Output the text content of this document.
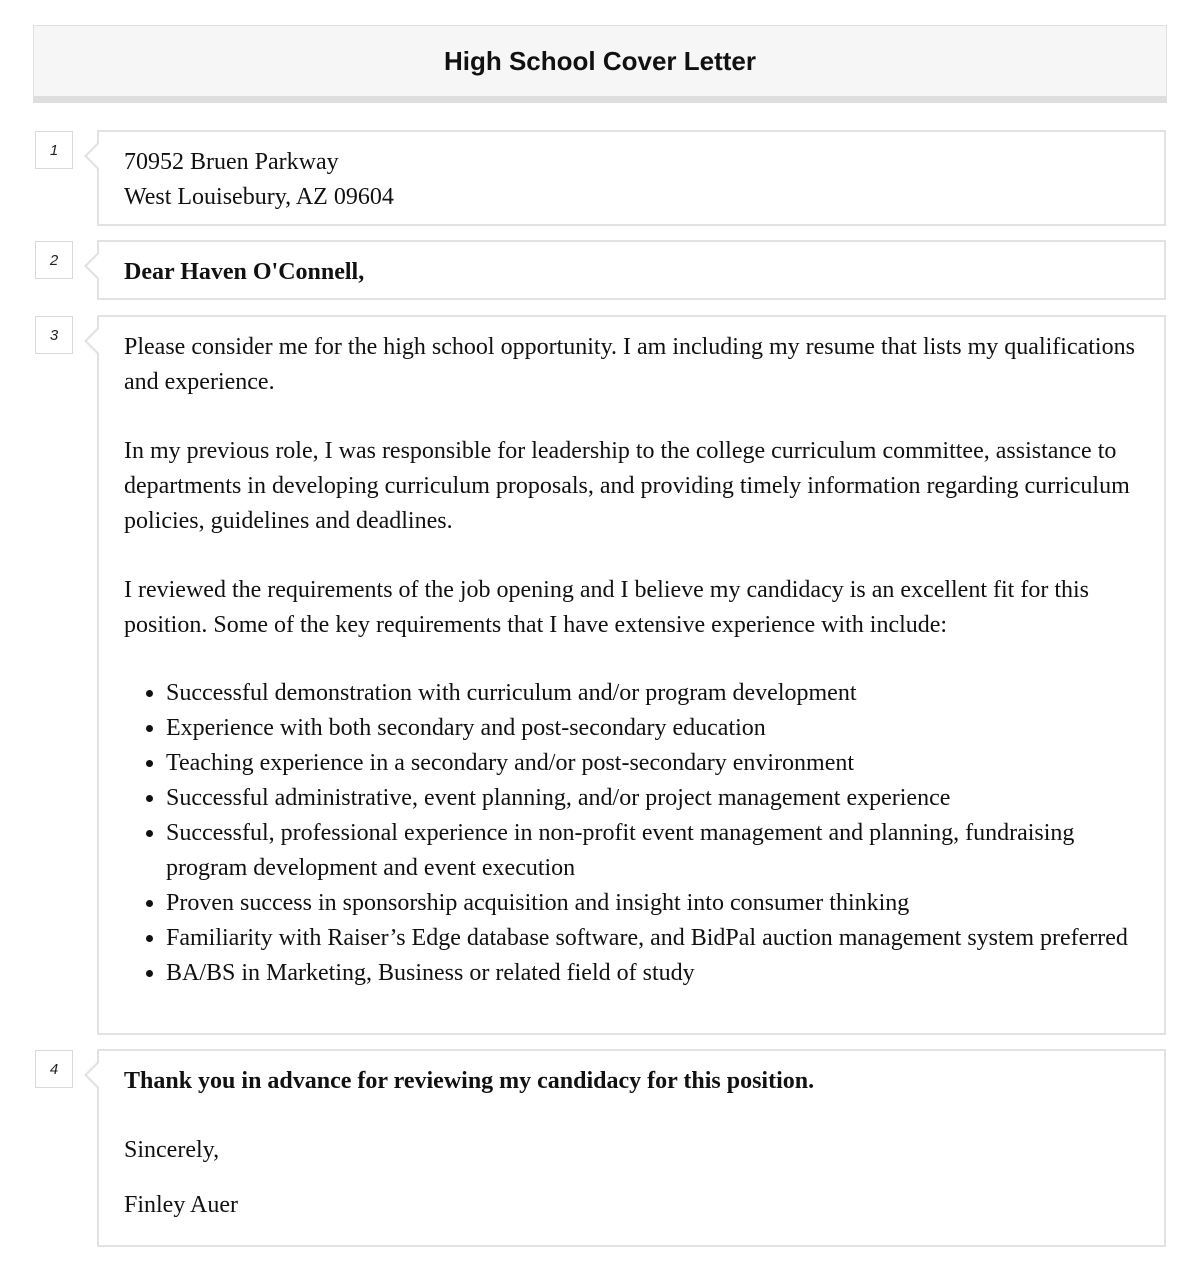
High School Cover Letter
1	70952 Bruen Parkway

West Louisebury, AZ 09604

2	Dear Haven O'Connell,

3	Please consider me for the high school opportunity. I am including my resume that lists my qualifications and experience.

In my previous role, I was responsible for leadership to the college curriculum committee, assistance to departments in developing curriculum proposals, and providing timely information regarding curriculum policies, guidelines and deadlines.

I reviewed the requirements of the job opening and I believe my candidacy is an excellent fit for this position. Some of the key requirements that I have extensive experience with include:

• Successful demonstration with curriculum and/or program development
• Experience with both secondary and post-secondary education
• Teaching experience in a secondary and/or post-secondary environment
• Successful administrative, event planning, and/or project management experience
• Successful, professional experience in non-profit event management and planning, fundraising program development and event execution
• Proven success in sponsorship acquisition and insight into consumer thinking
• Familiarity with Raiser’s Edge database software, and BidPal auction management system preferred
• BA/BS in Marketing, Business or related field of study
4	Thank you in advance for reviewing my candidacy for this position.

Sincerely,

Finley Auer
